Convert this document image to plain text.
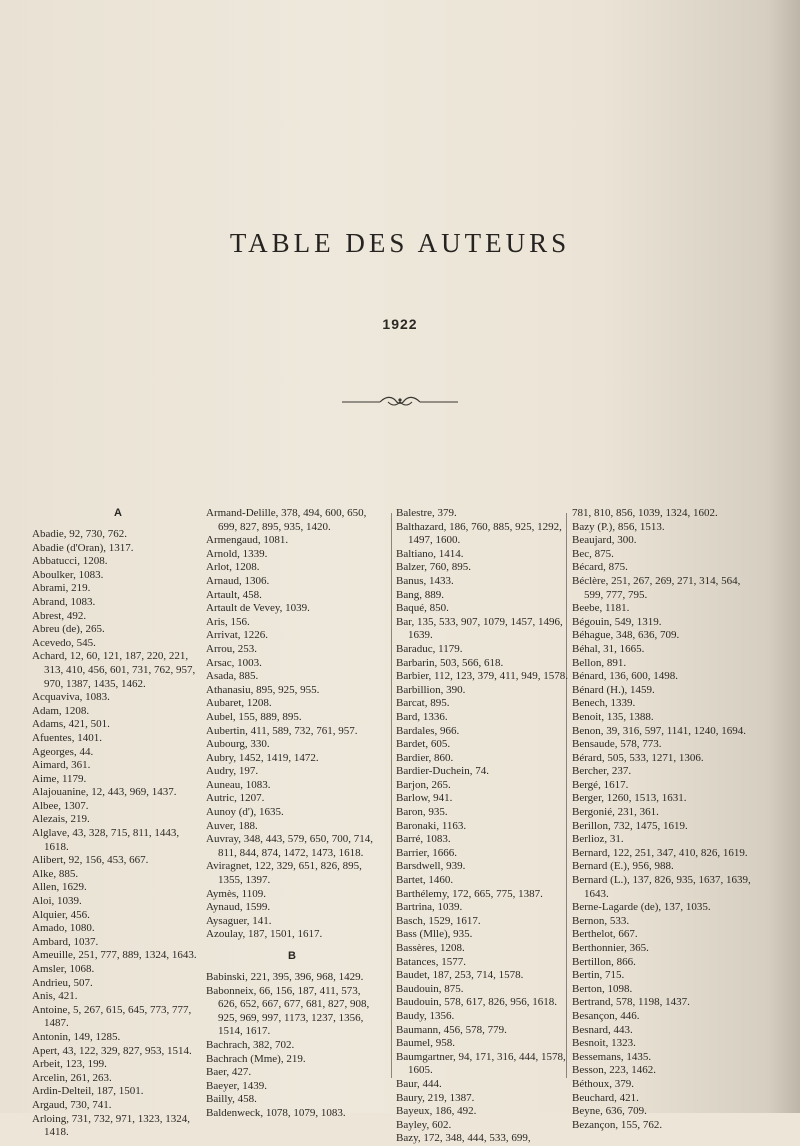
TABLE DES AUTEURS
1922
A
Abadie, 92, 730, 762.
Abadie (d'Oran), 1317.
Abbatucci, 1208.
Aboulker, 1083.
Abrami, 219.
Abrand, 1083.
Abrest, 492.
Abreu (de), 265.
Acevedo, 545.
Achard, 12, 60, 121, 187, 220, 221, 313, 410, 456, 601, 731, 762, 957, 970, 1387, 1435, 1462.
Acquaviva, 1083.
Adam, 1208.
Adams, 421, 501.
Afuentes, 1401.
Ageorges, 44.
Aimard, 361.
Aime, 1179.
Alajouanine, 12, 443, 969, 1437.
Albee, 1307.
Alezais, 219.
Alglave, 43, 328, 715, 811, 1443, 1618.
Alibert, 92, 156, 453, 667.
Alke, 885.
Allen, 1629.
Aloi, 1039.
Alquier, 456.
Amado, 1080.
Ambard, 1037.
Ameuille, 251, 777, 889, 1324, 1643.
Amsler, 1068.
Andrieu, 507.
Anis, 421.
Antoine, 5, 267, 615, 645, 773, 777, 1487.
Antonin, 149, 1285.
Apert, 43, 122, 329, 827, 953, 1514.
Arbeit, 123, 199.
Arcelin, 261, 263.
Ardin-Delteil, 187, 1501.
Argaud, 730, 741.
Arloing, 731, 732, 971, 1323, 1324, 1418.
Armand-Delille, 378, 494, 600, 650, 699, 827, 895, 935, 1420.
Armengaud, 1081.
Arnold, 1339.
Arlot, 1208.
Arnaud, 1306.
Artault, 458.
Artault de Vevey, 1039.
Aris, 156.
Arrivat, 1226.
Arrou, 253.
Arsac, 1003.
Asada, 885.
Athanasiu, 895, 925, 955.
Aubaret, 1208.
Aubel, 155, 889, 895.
Aubertin, 411, 589, 732, 761, 957.
Aubourg, 330.
Aubry, 1452, 1419, 1472.
Audry, 197.
Auneau, 1083.
Autric, 1207.
Aunoy (d'), 1635.
Auver, 188.
Auvray, 348, 443, 579, 650, 700, 714, 811, 844, 874, 1472, 1473, 1618.
Aviragnet, 122, 329, 651, 826, 895, 1355, 1397.
Aymès, 1109.
Aynaud, 1599.
Aysaguer, 141.
Azoulay, 187, 1501, 1617.
B
Babinski, 221, 395, 396, 968, 1429.
Babonneix, 66, 156, 187, 411, 573, 626, 652, 667, 677, 681, 827, 908, 925, 969, 997, 1173, 1237, 1356, 1514, 1617.
Bachrach, 382, 702.
Bachrach (Mme), 219.
Baer, 427.
Baeyer, 1439.
Bailly, 458.
Baldenweck, 1078, 1079, 1083.
Balestre, 379.
Balthazard, 186, 760, 885, 925, 1292, 1497, 1600.
Baltiano, 1414.
Balzer, 760, 895.
Banus, 1433.
Bang, 889.
Baqué, 850.
Bar, 135, 533, 907, 1079, 1457, 1496, 1639.
Baraduc, 1179.
Barbarin, 503, 566, 618.
Barbier, 112, 123, 379, 411, 949, 1578.
Barbillion, 390.
Barcat, 895.
Bard, 1336.
Bardales, 966.
Bardet, 605.
Bardier, 860.
Bardier-Duchein, 74.
Barjon, 265.
Barlow, 941.
Baron, 935.
Baronaki, 1163.
Barré, 1083.
Barrier, 1666.
Barsdwell, 939.
Bartet, 1460.
Barthélemy, 172, 665, 775, 1387.
Bartrina, 1039.
Basch, 1529, 1617.
Bass (Mlle), 935.
Bassères, 1208.
Batances, 1577.
Baudet, 187, 253, 714, 1578.
Baudouin, 875.
Baudouin, 578, 617, 826, 956, 1618.
Baudy, 1356.
Baumann, 456, 578, 779.
Baumel, 958.
Baumgartner, 94, 171, 316, 444, 1578, 1605.
Baur, 444.
Baury, 219, 1387.
Bayeux, 186, 492.
Bayley, 602.
Bazy, 172, 348, 444, 533, 699,
781, 810, 856, 1039, 1324, 1602.
Bazy (P.), 856, 1513.
Beaujard, 300.
Bec, 875.
Bécard, 875.
Béclère, 251, 267, 269, 271, 314, 564, 599, 777, 795.
Beebe, 1181.
Bégouin, 549, 1319.
Béhague, 348, 636, 709.
Béhal, 31, 1665.
Bellon, 891.
Bénard, 136, 600, 1498.
Bénard (H.), 1459.
Benech, 1339.
Benoit, 135, 1388.
Benon, 39, 316, 597, 1141, 1240, 1694.
Bensaude, 578, 773.
Bérard, 505, 533, 1271, 1306.
Bercher, 237.
Bergé, 1617.
Berger, 1260, 1513, 1631.
Bergonié, 231, 361.
Berillon, 732, 1475, 1619.
Berlioz, 31.
Bernard, 122, 251, 347, 410, 826, 1619.
Bernard (E.), 956, 988.
Bernard (L.), 137, 826, 935, 1637, 1639, 1643.
Berne-Lagarde (de), 137, 1035.
Bernon, 533.
Berthelot, 667.
Berthonnier, 365.
Bertillon, 866.
Bertin, 715.
Berton, 1098.
Bertrand, 578, 1198, 1437.
Besançon, 446.
Besnard, 443.
Besnoit, 1323.
Bessemans, 1435.
Besson, 223, 1462.
Béthoux, 379.
Beuchard, 421.
Beyne, 636, 709.
Bezançon, 155, 762.
